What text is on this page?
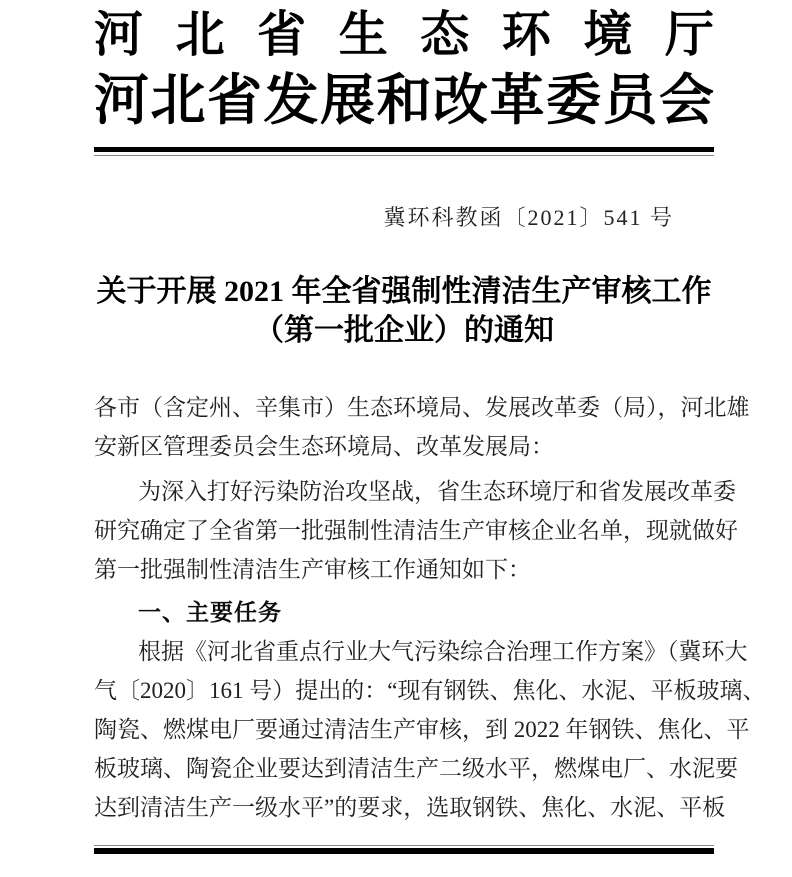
河北省生态环境厅
河北省发展和改革委员会
冀环科教函〔2021〕541 号
关于开展 2021 年全省强制性清洁生产审核工作
（第一批企业）的通知
各市（含定州、辛集市）生态环境局、发展改革委（局），河北雄
安新区管理委员会生态环境局、改革发展局：
为深入打好污染防治攻坚战，省生态环境厅和省发展改革委
研究确定了全省第一批强制性清洁生产审核企业名单，现就做好
第一批强制性清洁生产审核工作通知如下：
一、主要任务
根据《河北省重点行业大气污染综合治理工作方案》（冀环大
气〔2020〕161 号）提出的：“现有钢铁、焦化、水泥、平板玻璃、
陶瓷、燃煤电厂要通过清洁生产审核，到 2022 年钢铁、焦化、平
板玻璃、陶瓷企业要达到清洁生产二级水平，燃煤电厂、水泥要
达到清洁生产一级水平”的要求，选取钢铁、焦化、水泥、平板
